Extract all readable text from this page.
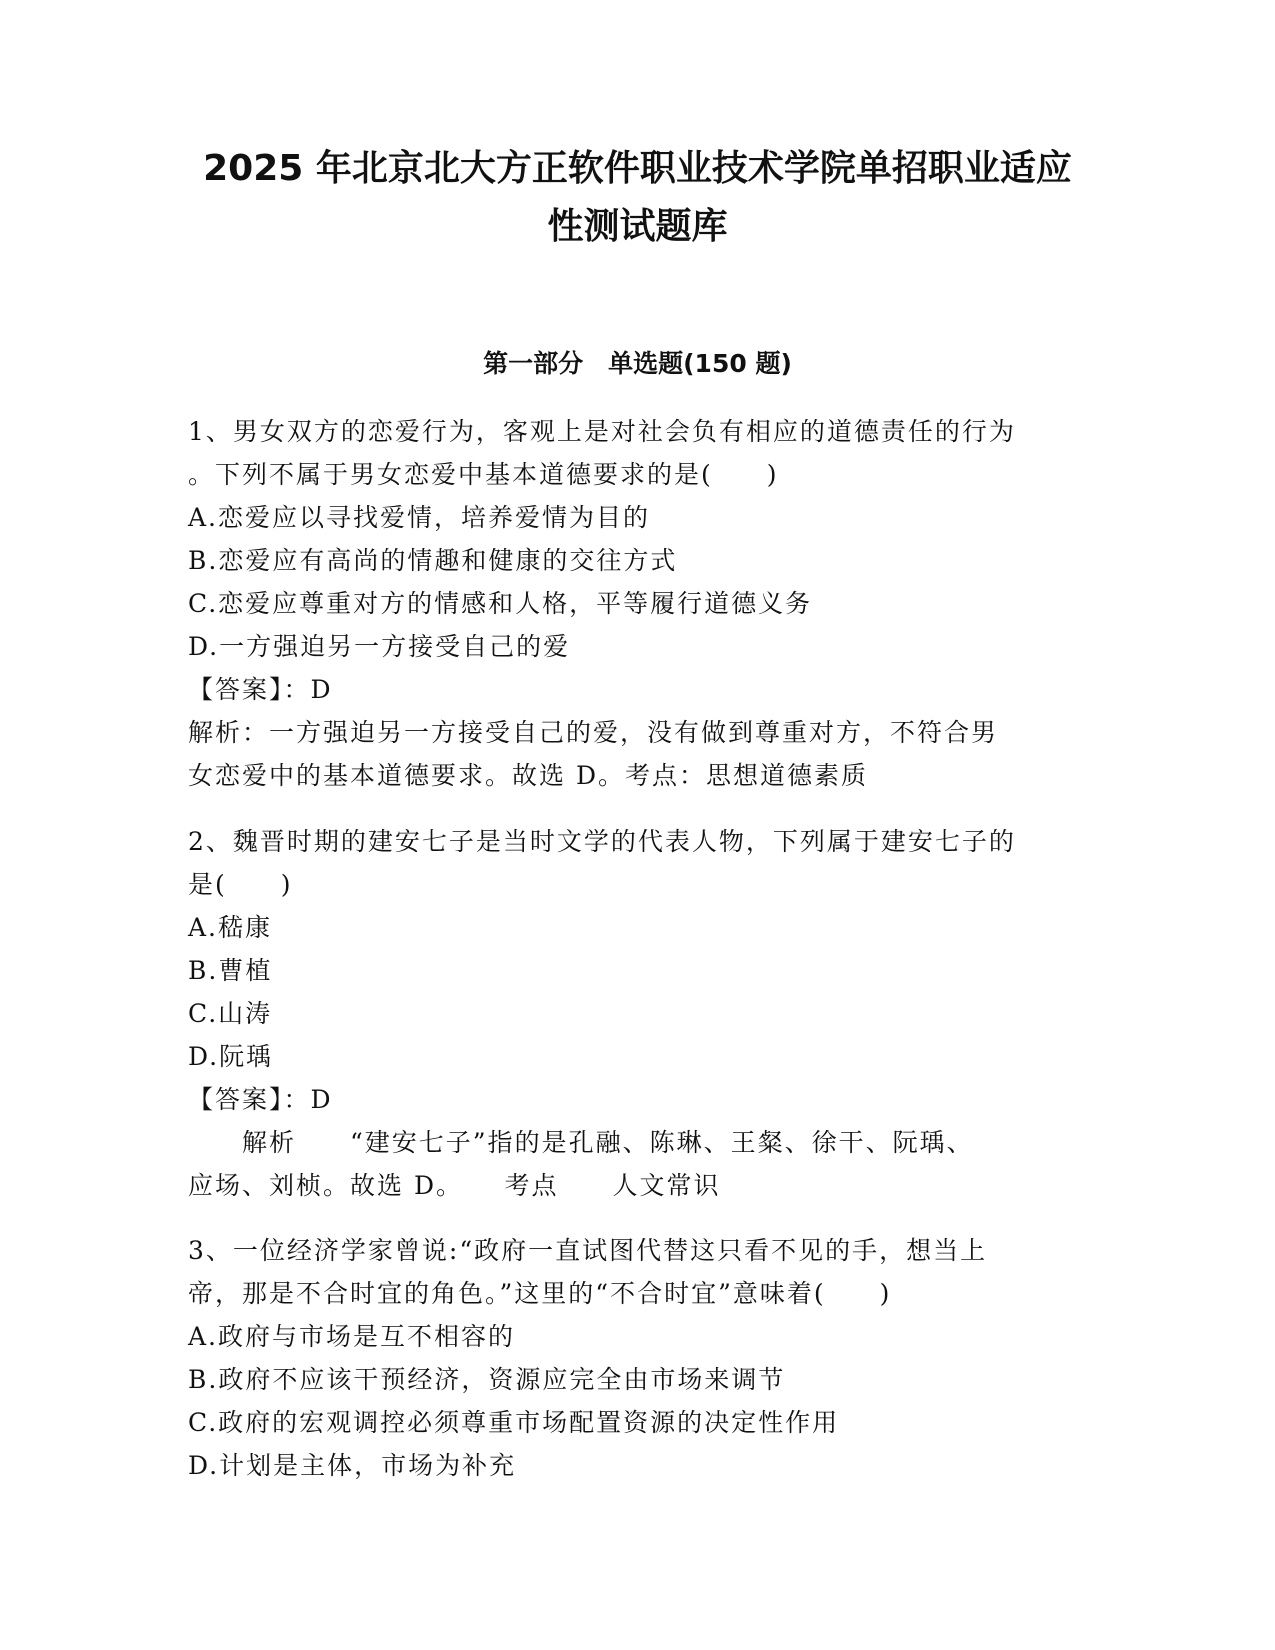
2025 年北京北大方正软件职业技术学院单招职业适应
性测试题库
第一部分　单选题(150 题)

1、男女双方的恋爱行为，客观上是对社会负有相应的道德责任的行为
。下列不属于男女恋爱中基本道德要求的是(　　)

A.恋爱应以寻找爱情，培养爱情为目的

B.恋爱应有高尚的情趣和健康的交往方式

C.恋爱应尊重对方的情感和人格，平等履行道德义务

D.一方强迫另一方接受自己的爱

【答案】：D

解析：一方强迫另一方接受自己的爱，没有做到尊重对方，不符合男
女恋爱中的基本道德要求。故选 D。考点：思想道德素质

2、魏晋时期的建安七子是当时文学的代表人物，下列属于建安七子的
是(　　)

A.嵇康

B.曹植

C.山涛

D.阮瑀

【答案】：D

　　解析　　“建安七子”指的是孔融、陈琳、王粲、徐干、阮瑀、
应场、刘桢。故选 D。　　考点　　人文常识

3、一位经济学家曾说:“政府一直试图代替这只看不见的手，想当上
帝，那是不合时宜的角色。”这里的“不合时宜”意味着(　　)

A.政府与市场是互不相容的

B.政府不应该干预经济，资源应完全由市场来调节

C.政府的宏观调控必须尊重市场配置资源的决定性作用

D.计划是主体，市场为补充
